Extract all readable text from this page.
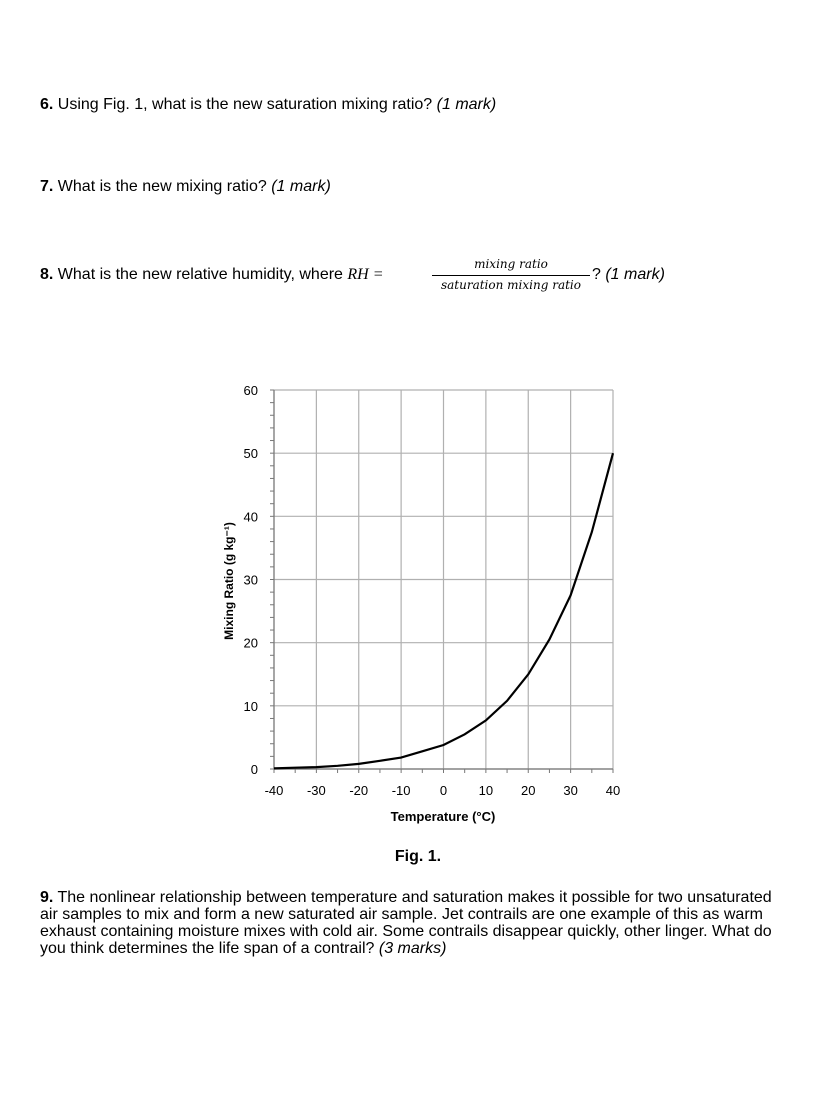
6. Using Fig. 1, what is the new saturation mixing ratio? (1 mark)
7. What is the new mixing ratio? (1 mark)
8. What is the new relative humidity, where RH =
mixing ratio
saturation mixing ratio
? (1 mark)
-40 -30 -20 -10 0 10 20 30 40
0
10
20
30
40
50
60
Temperature (°C)
Mixing Ratio (g kg⁻¹)
Fig. 1.
9. The nonlinear relationship between temperature and saturation makes it possible for two unsaturated air samples to mix and form a new saturated air sample. Jet contrails are one example of this as warm exhaust containing moisture mixes with cold air. Some contrails disappear quickly, other linger. What do you think determines the life span of a contrail? (3 marks)
